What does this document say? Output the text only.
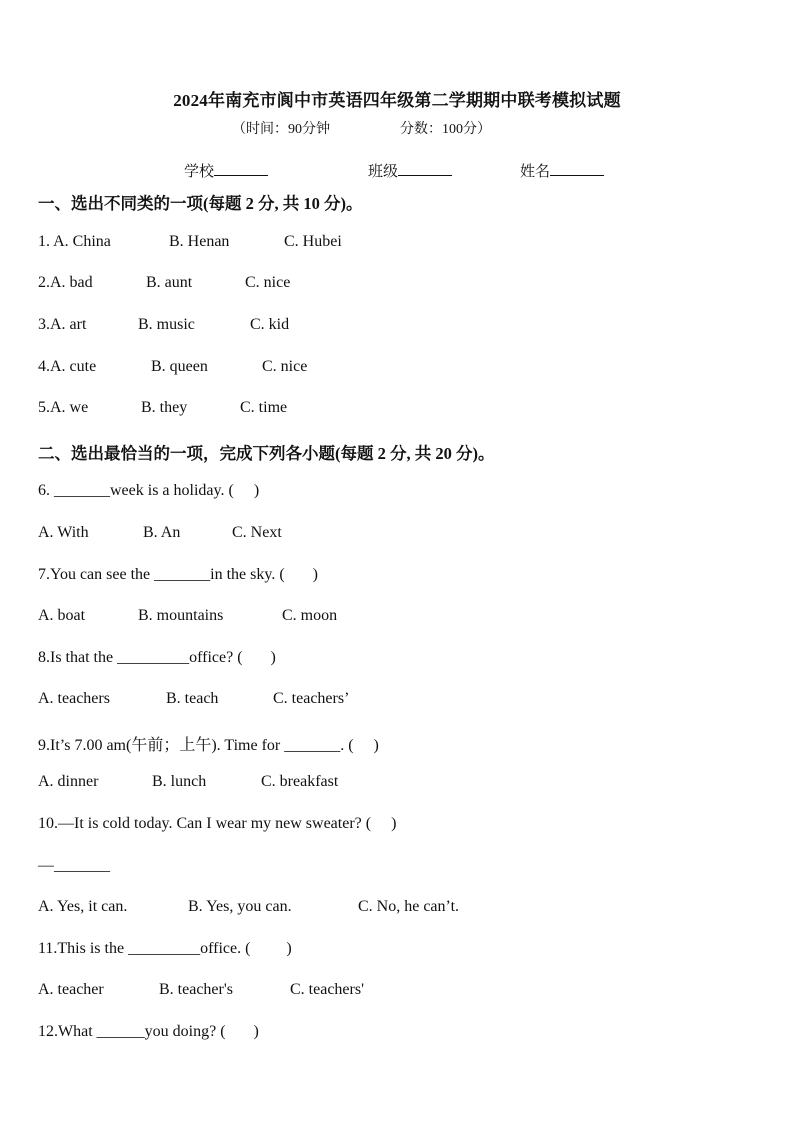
2024年南充市阆中市英语四年级第二学期期中联考模拟试题
（时间：90分钟                    分数：100分）
学校	班级	姓名
一、选出不同类的一项(每题 2 分, 共 10 分)。

1. A. China

	B. Henan

	C. Hubei

2.A. bad

	B. aunt

	C. nice

3.A. art

	B. music

	C. kid

4.A. cute

	B. queen

	C. nice

5.A. we

	B. they

	C. time

二、选出最恰当的一项，完成下列各小题(每题 2 分, 共 20 分)。
6. _______week is a holiday. (     )

A. With

	B. An

	C. Next

7.You can see the _______in the sky. (       )

A. boat

	B. mountains

	C. moon

8.Is that the _________office? (       )

A. teachers

	B. teach

	C. teachers’

9.It’s 7.00 am(午前；上午). Time for _______. (     )

A. dinner

	B. lunch

	C. breakfast

10.—It is cold today. Can I wear my new sweater? (     )
—_______

A. Yes, it can.

	B. Yes, you can.

	C. No, he can’t.

11.This is the _________office. (         )

A. teacher

	B. teacher's

	C. teachers'

12.What ______you doing? (       )
